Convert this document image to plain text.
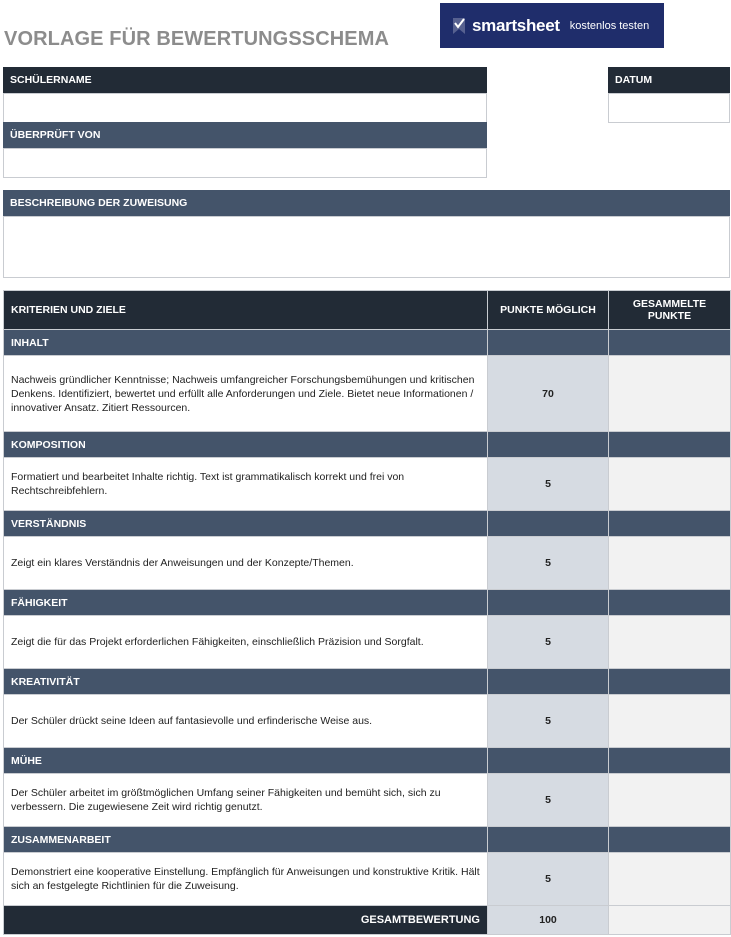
VORLAGE FÜR BEWERTUNGSSCHEMA
smartsheet kostenlos testen
SCHÜLERNAME	DATUM
ÜBERPRÜFT VON
BESCHREIBUNG DER ZUWEISUNG
KRITERIEN UND ZIELE	PUNKTE MÖGLICH	GESAMMELTE PUNKTE
INHALT		
Nachweis gründlicher Kenntnisse; Nachweis umfangreicher Forschungsbemühungen und kritischen Denkens. Identifiziert, bewertet und erfüllt alle Anforderungen und Ziele. Bietet neue Informationen / innovativer Ansatz. Zitiert Ressourcen.	70	
KOMPOSITION		
Formatiert und bearbeitet Inhalte richtig. Text ist grammatikalisch korrekt und frei von Rechtschreibfehlern.	5	
VERSTÄNDNIS		
Zeigt ein klares Verständnis der Anweisungen und der Konzepte/Themen.	5	
FÄHIGKEIT		
Zeigt die für das Projekt erforderlichen Fähigkeiten, einschließlich Präzision und Sorgfalt.	5	
KREATIVITÄT		
Der Schüler drückt seine Ideen auf fantasievolle und erfinderische Weise aus.	5	
MÜHE		
Der Schüler arbeitet im größtmöglichen Umfang seiner Fähigkeiten und bemüht sich, sich zu verbessern. Die zugewiesene Zeit wird richtig genutzt.	5	
ZUSAMMENARBEIT		
Demonstriert eine kooperative Einstellung. Empfänglich für Anweisungen und konstruktive Kritik. Hält sich an festgelegte Richtlinien für die Zuweisung.	5	
GESAMTBEWERTUNG	100	
